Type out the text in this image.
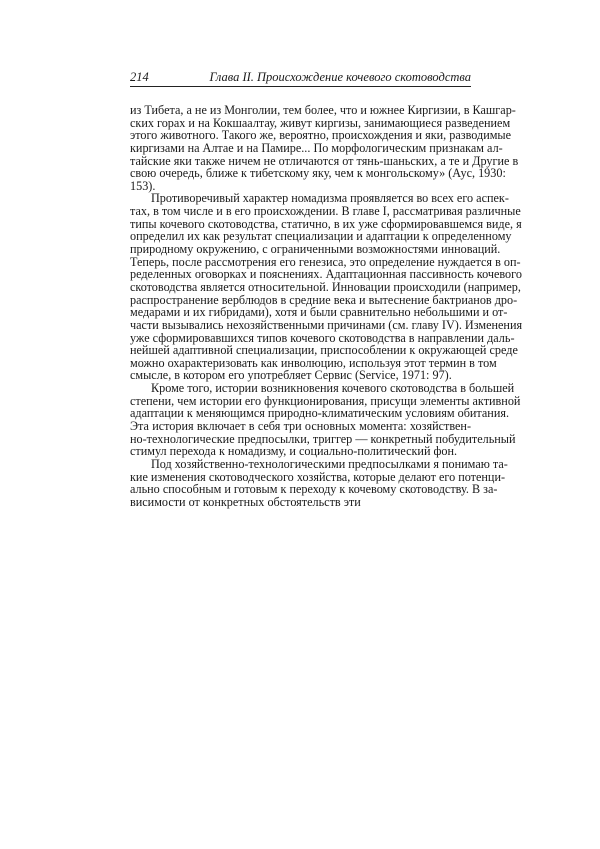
214	Глава II. Происхождение кочевого скотоводства
из Тибета, а не из Монголии, тем более, что и южнее Киргизии, в Кашгар-
ских горах и на Кокшаалтау, живут киргизы, занимающиеся разведением
этого животного. Такого же, вероятно, происхождения и яки, разводимые
киргизами на Алтае и на Памире... По морфологическим признакам ал-
тайские яки также ничем не отличаются от тянь-шаньских, а те и Другие в
свою очередь, ближе к тибетскому яку, чем к монгольскому» (Аус, 1930:
153).
Противоречивый характер номадизма проявляется во всех его аспек-
тах, в том числе и в его происхождении. В главе I, рассматривая различные
типы кочевого скотоводства, статично, в их уже сформировавшемся виде, я
определил их как результат специализации и адаптации к определенному
природному окружению, с ограниченными возможностями инноваций.
Теперь, после рассмотрения его генезиса, это определение нуждается в оп-
ределенных оговорках и пояснениях. Адаптационная пассивность кочевого
скотоводства является относительной. Инновации происходили (например,
распространение верблюдов в средние века и вытеснение бактрианов дро-
медарами и их гибридами), хотя и были сравнительно небольшими и от-
части вызывались нехозяйственными причинами (см. главу IV). Изменения
уже сформировавшихся типов кочевого скотоводства в направлении даль-
нейшей адаптивной специализации, приспособлении к окружающей среде
можно охарактеризовать как инволюцию, используя этот термин в том
смысле, в котором его употребляет Сервис (Service, 1971: 97).
Кроме того, истории возникновения кочевого скотоводства в большей
степени, чем истории его функционирования, присущи элементы активной
адаптации к меняющимся природно-климатическим условиям обитания.
Эта история включает в себя три основных момента: хозяйствен-
но-технологические предпосылки, триггер — конкретный побудительный
стимул перехода к номадизму, и социально-политический фон.
Под хозяйственно-технологическими предпосылками я понимаю та-
кие изменения скотоводческого хозяйства, которые делают его потенци-
ально способным и готовым к переходу к кочевому скотоводству. В за-
висимости от конкретных обстоятельств эти
